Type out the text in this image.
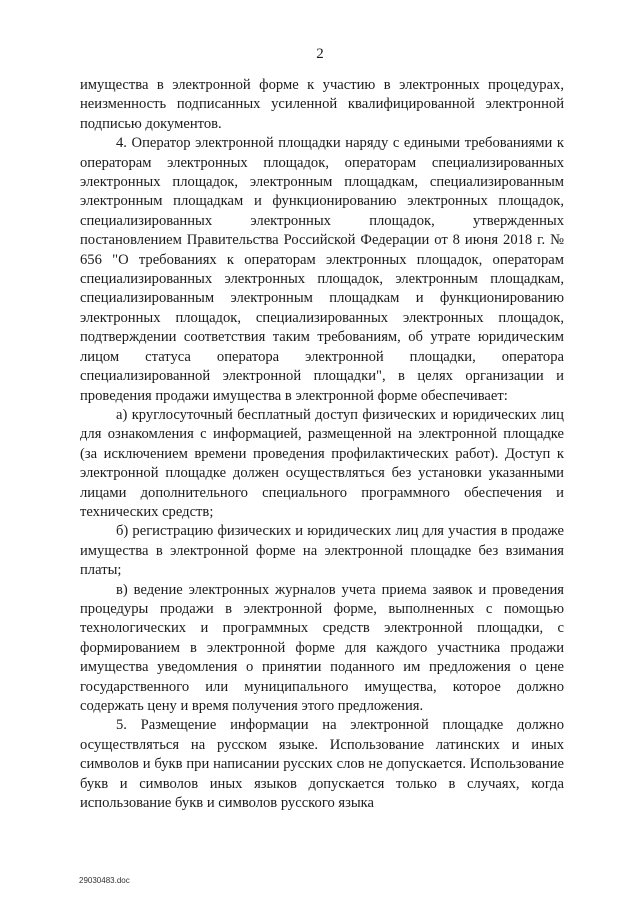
2

имущества в электронной форме к участию в электронных процедурах, неизменность подписанных усиленной квалифицированной электронной подписью документов.

4. Оператор электронной площадки наряду с едиными требованиями к операторам электронных площадок, операторам специализированных электронных площадок, электронным площадкам, специализированным электронным площадкам и функционированию электронных площадок, специализированных электронных площадок, утвержденных постановлением Правительства Российской Федерации от 8 июня 2018 г. № 656 "О требованиях к операторам электронных площадок, операторам специализированных электронных площадок, электронным площадкам, специализированным электронным площадкам и функционированию электронных площадок, специализированных электронных площадок, подтверждении соответствия таким требованиям, об утрате юридическим лицом статуса оператора электронной площадки, оператора специализированной электронной площадки", в целях организации и проведения продажи имущества в электронной форме обеспечивает:

а) круглосуточный бесплатный доступ физических и юридических лиц для ознакомления с информацией, размещенной на электронной площадке (за исключением времени проведения профилактических работ). Доступ к электронной площадке должен осуществляться без установки указанными лицами дополнительного специального программного обеспечения и технических средств;

б) регистрацию физических и юридических лиц для участия в продаже имущества в электронной форме на электронной площадке без взимания платы;

в) ведение электронных журналов учета приема заявок и проведения процедуры продажи в электронной форме, выполненных с помощью технологических и программных средств электронной площадки, с формированием в электронной форме для каждого участника продажи имущества уведомления о принятии поданного им предложения о цене государственного или муниципального имущества, которое должно содержать цену и время получения этого предложения.

5. Размещение информации на электронной площадке должно осуществляться на русском языке. Использование латинских и иных символов и букв при написании русских слов не допускается. Использование букв и символов иных языков допускается только в случаях, когда использование букв и символов русского языка

29030483.doc
